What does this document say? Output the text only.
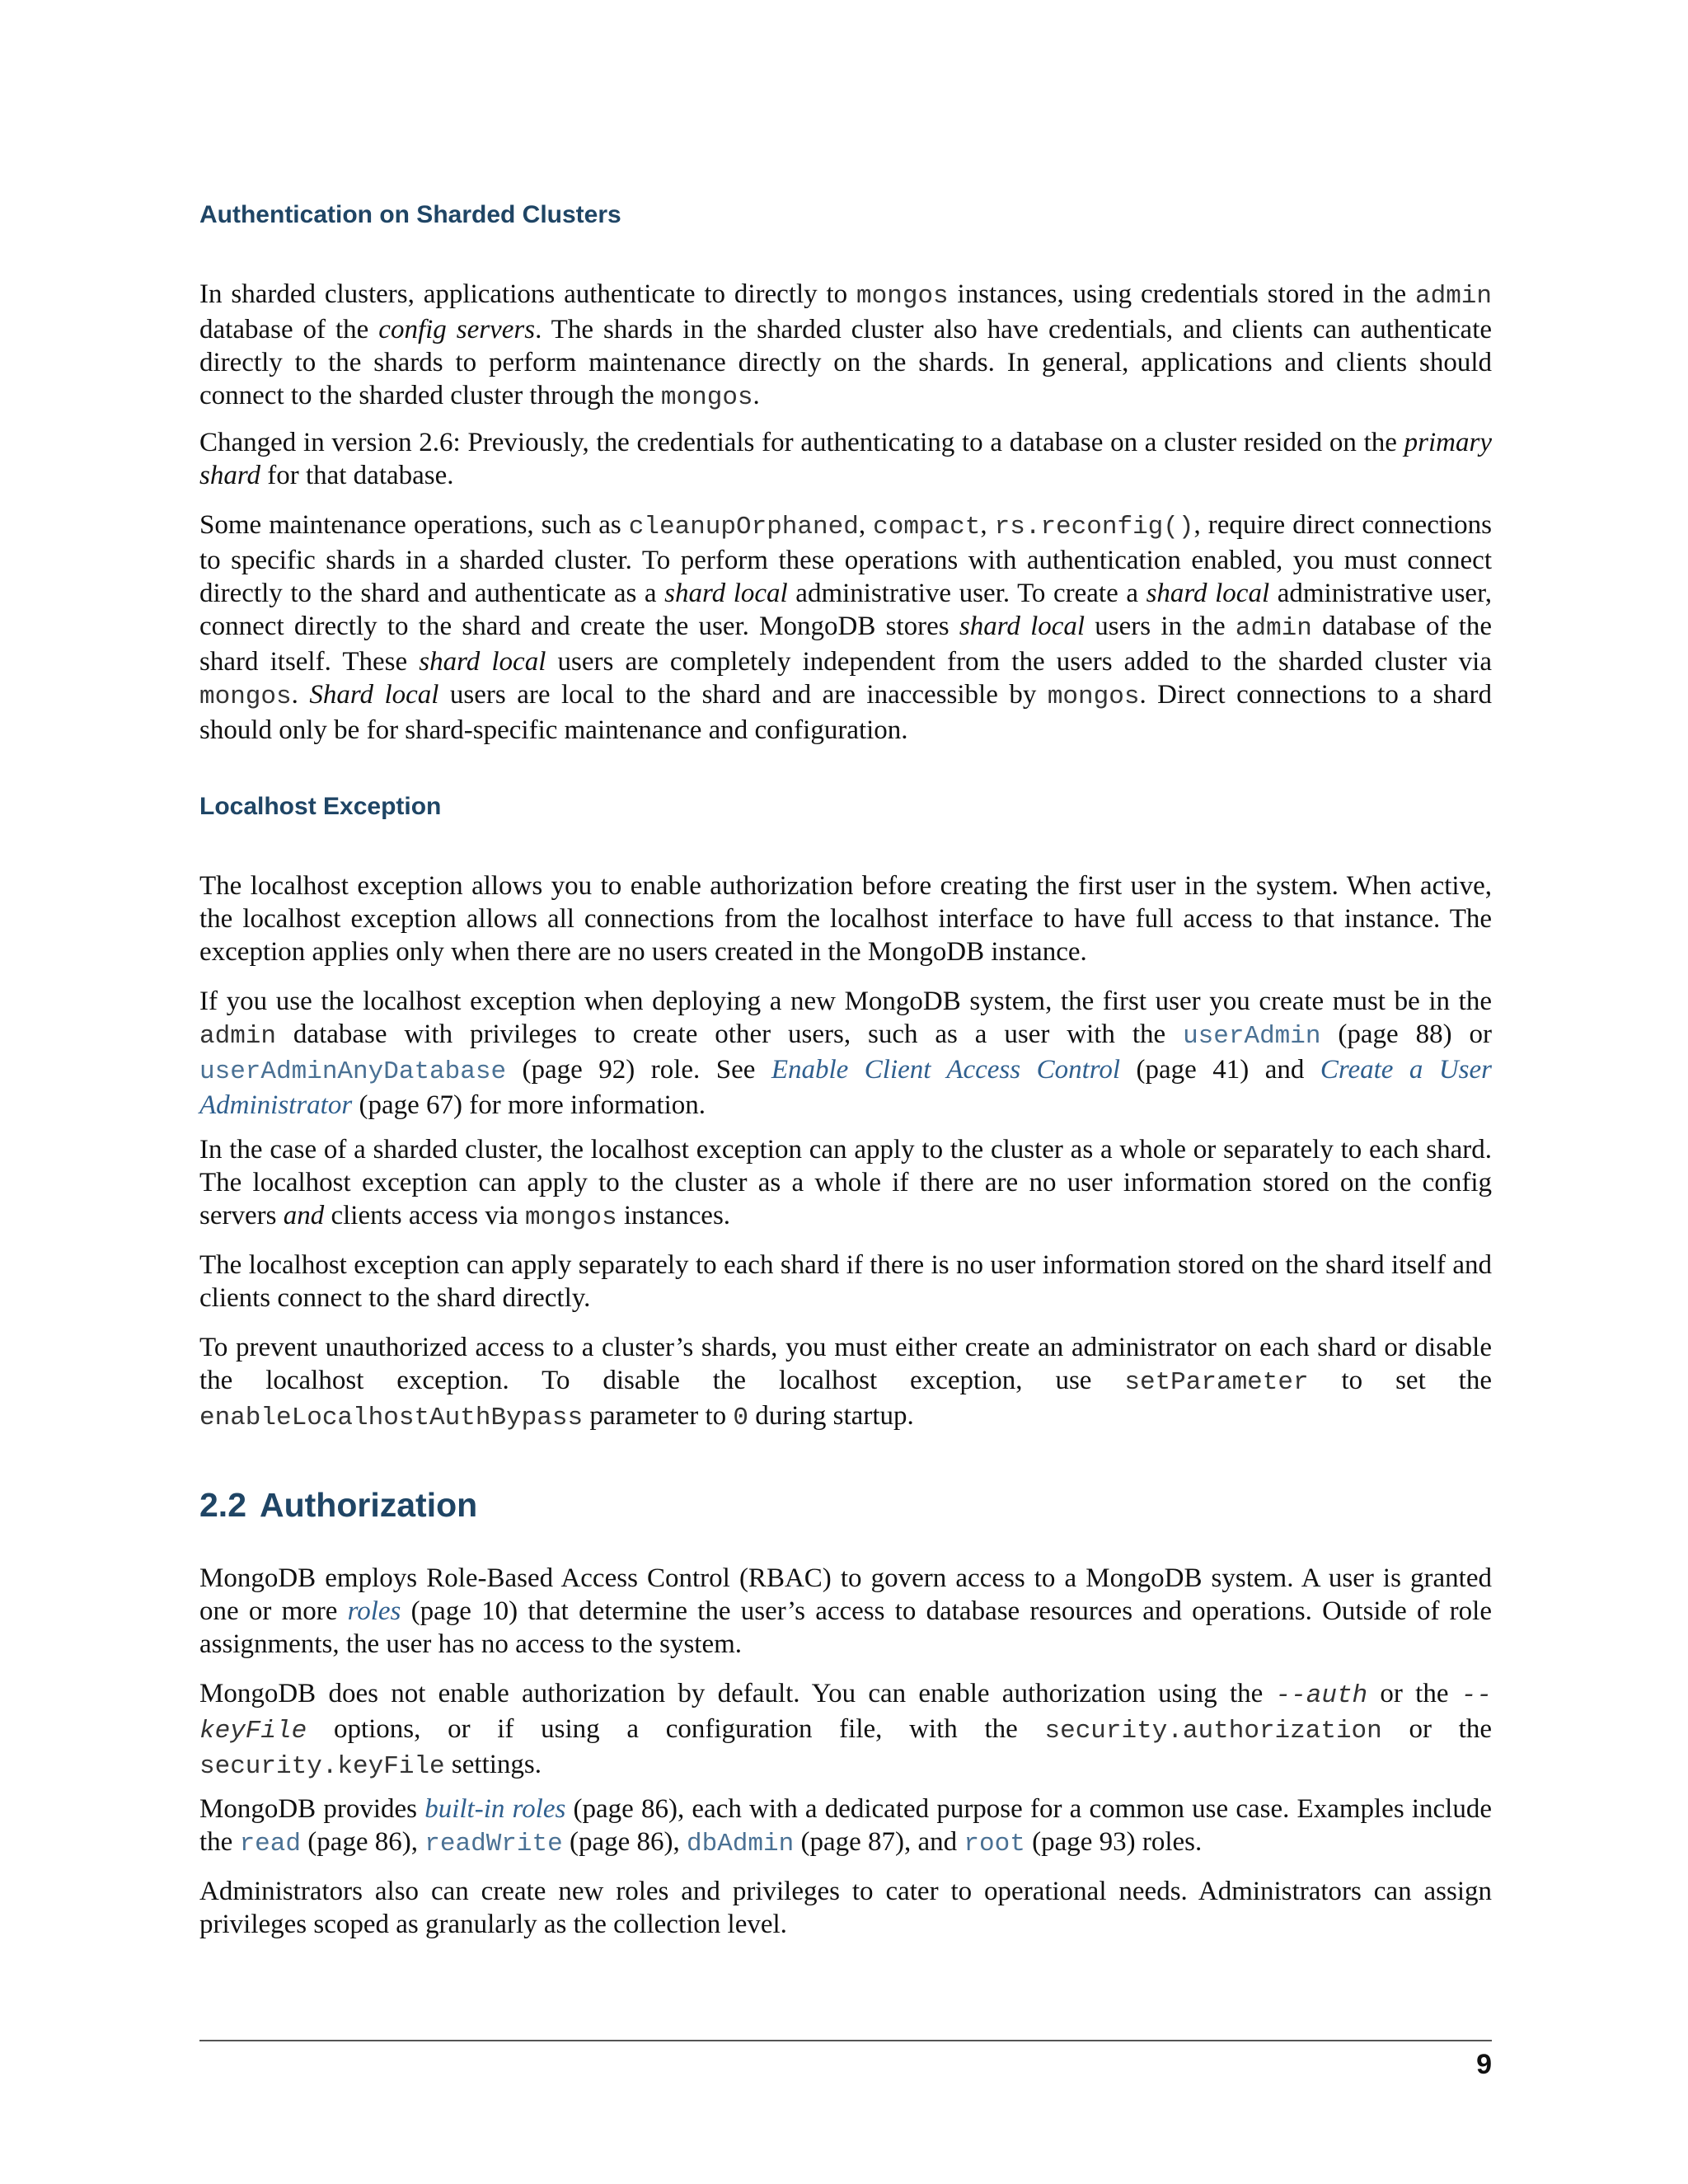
Authentication on Sharded Clusters

In sharded clusters, applications authenticate to directly to mongos instances, using credentials stored in the admin database of the config servers. The shards in the sharded cluster also have credentials, and clients can authenticate directly to the shards to perform maintenance directly on the shards. In general, applications and clients should connect to the sharded cluster through the mongos.

Changed in version 2.6: Previously, the credentials for authenticating to a database on a cluster resided on the primary shard for that database.

Some maintenance operations, such as cleanupOrphaned, compact, rs.reconfig(), require direct connections to specific shards in a sharded cluster. To perform these operations with authentication enabled, you must connect directly to the shard and authenticate as a shard local administrative user. To create a shard local administrative user, connect directly to the shard and create the user. MongoDB stores shard local users in the admin database of the shard itself. These shard local users are completely independent from the users added to the sharded cluster via mongos. Shard local users are local to the shard and are inaccessible by mongos. Direct connections to a shard should only be for shard-specific maintenance and configuration.

Localhost Exception

The localhost exception allows you to enable authorization before creating the first user in the system. When active, the localhost exception allows all connections from the localhost interface to have full access to that instance. The exception applies only when there are no users created in the MongoDB instance.

If you use the localhost exception when deploying a new MongoDB system, the first user you create must be in the admin database with privileges to create other users, such as a user with the userAdmin (page 88) or userAdminAnyDatabase (page 92) role. See Enable Client Access Control (page 41) and Create a User Administrator (page 67) for more information.

In the case of a sharded cluster, the localhost exception can apply to the cluster as a whole or separately to each shard. The localhost exception can apply to the cluster as a whole if there are no user information stored on the config servers and clients access via mongos instances.

The localhost exception can apply separately to each shard if there is no user information stored on the shard itself and clients connect to the shard directly.

To prevent unauthorized access to a cluster’s shards, you must either create an administrator on each shard or disable the localhost exception. To disable the localhost exception, use setParameter to set the enableLocalhostAuthBypass parameter to 0 during startup.

2.2 Authorization

MongoDB employs Role-Based Access Control (RBAC) to govern access to a MongoDB system. A user is granted one or more roles (page 10) that determine the user’s access to database resources and operations. Outside of role assignments, the user has no access to the system.

MongoDB does not enable authorization by default. You can enable authorization using the --auth or the --keyFile options, or if using a configuration file, with the security.authorization or the security.keyFile settings.

MongoDB provides built-in roles (page 86), each with a dedicated purpose for a common use case. Examples include the read (page 86), readWrite (page 86), dbAdmin (page 87), and root (page 93) roles.

Administrators also can create new roles and privileges to cater to operational needs. Administrators can assign privileges scoped as granularly as the collection level.

9
